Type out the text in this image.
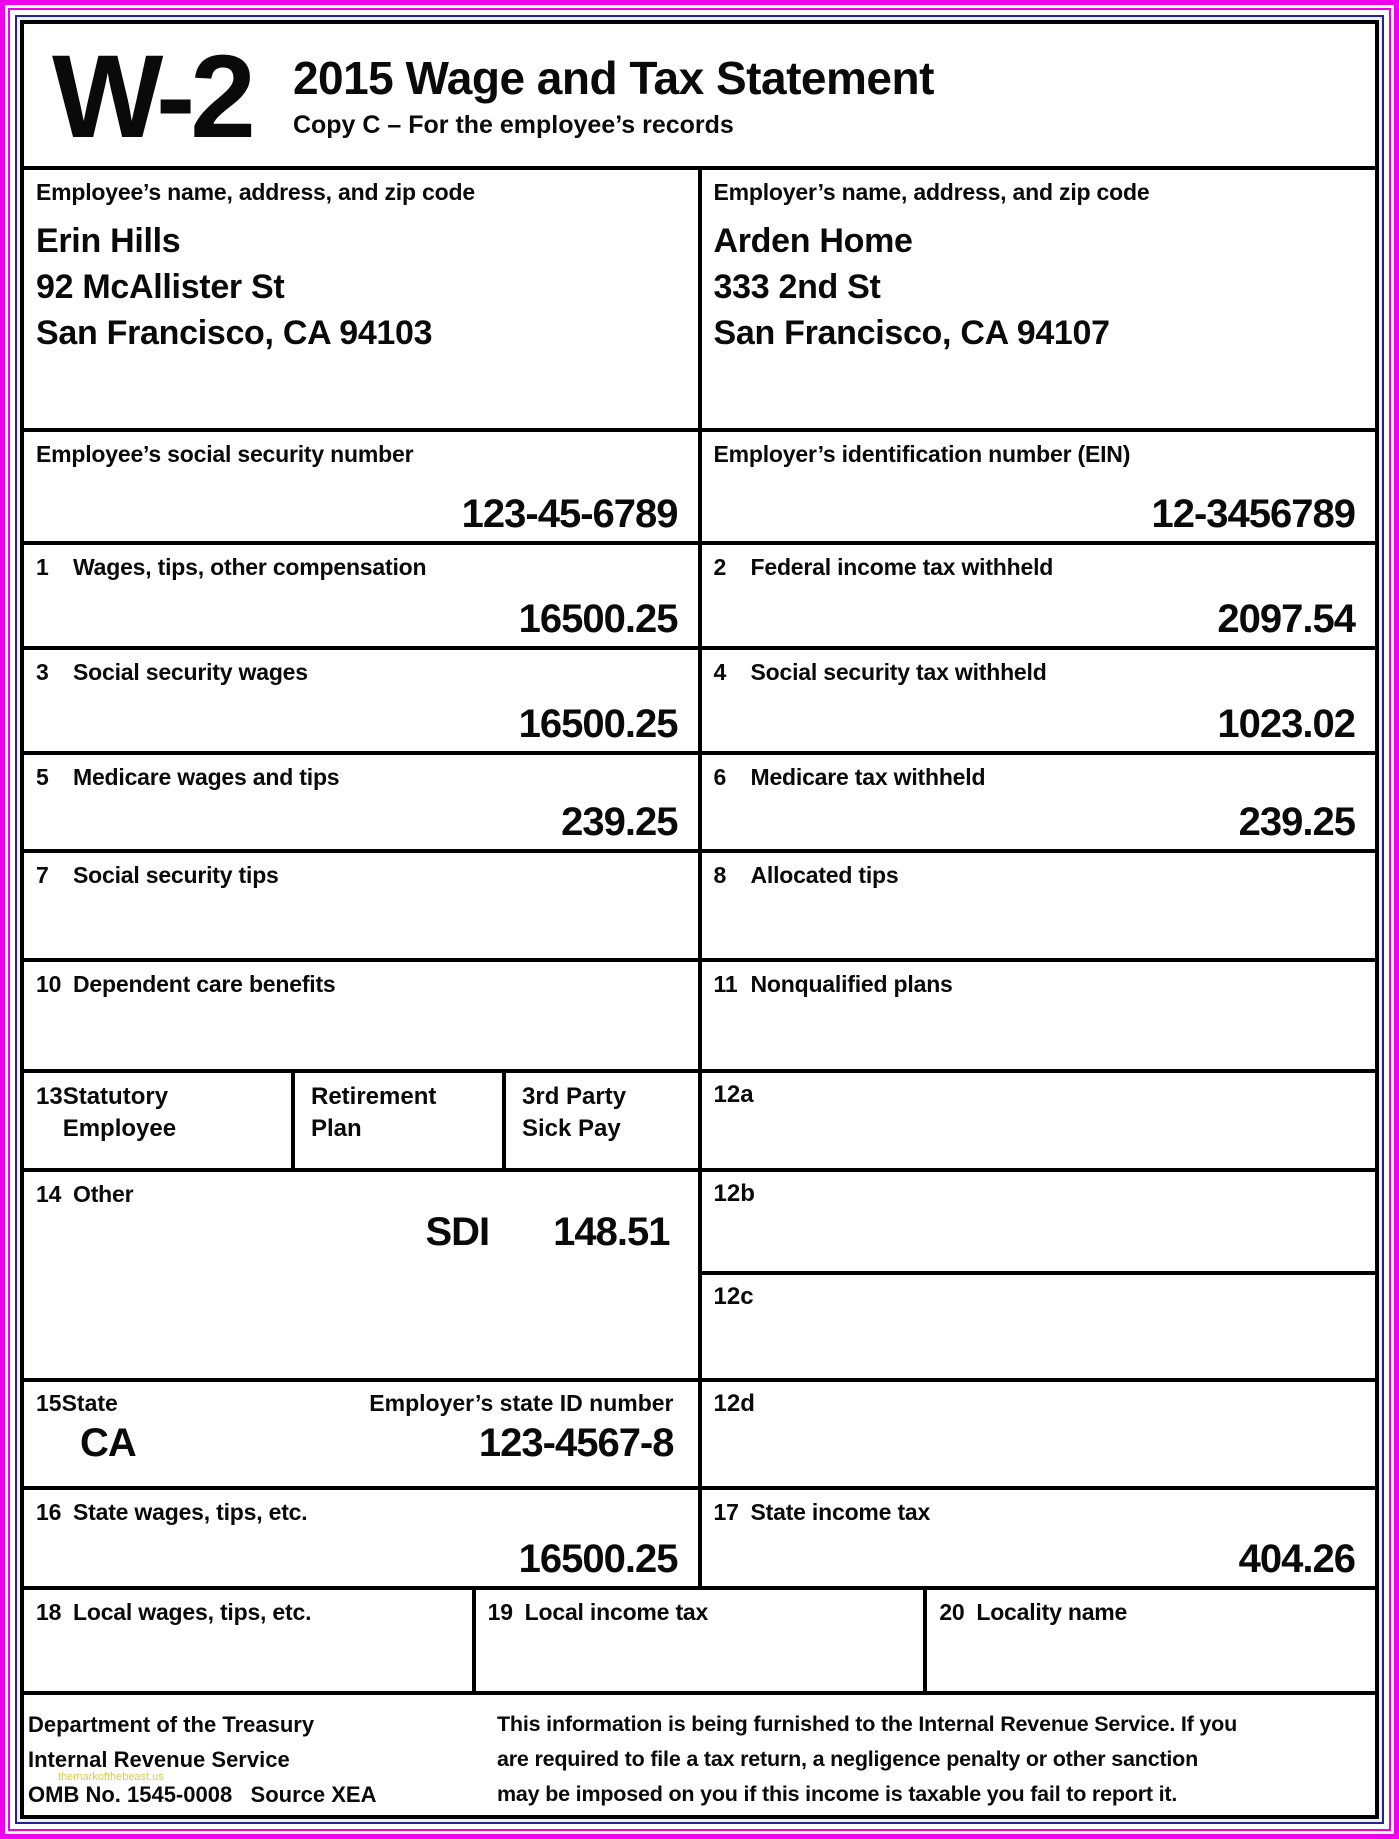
W-2 2015 Wage and Tax Statement
Copy C – For the employee’s records
Employee’s name, address, and zip code
Erin Hills
92 McAllister St
San Francisco, CA 94103
Employer’s name, address, and zip code
Arden Home
333 2nd St
San Francisco, CA 94107
Employee’s social security number
123-45-6789
Employer’s identification number (EIN)
12-3456789
1	Wages, tips, other compensation
16500.25
2	Federal income tax withheld
2097.54
3	Social security wages
16500.25
4	Social security tax withheld
1023.02
5	Medicare wages and tips
239.25
6	Medicare tax withheld
239.25
7	Social security tips	8	Allocated tips
10 Dependent care benefits	11 Nonqualified plans
13 Statutory
Employee
Retirement
Plan
3rd Party
Sick Pay
14 Other
SDI 148.51
15 State	Employer’s state ID number
CA	123-4567-8
12a
12b
12c
12d
16 State wages, tips, etc.
16500.25
17 State income tax
404.26
18 Local wages, tips, etc.	19 Local income tax	20 Locality name
Department of the Treasury
Internal Revenue Service
OMB No. 1545-0008   Source XEA
themarkofthebeast.us
This information is being furnished to the Internal Revenue Service. If you
are required to file a tax return, a negligence penalty or other sanction
may be imposed on you if this income is taxable you fail to report it.
